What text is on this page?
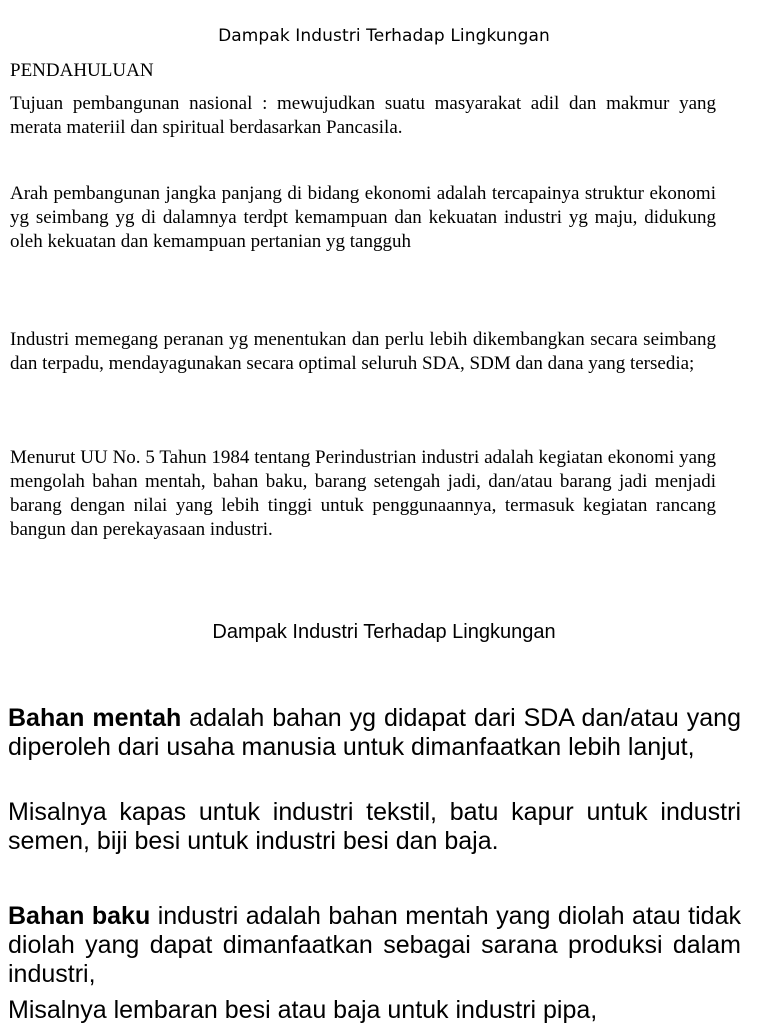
Dampak Industri Terhadap Lingkungan
PENDAHULUAN
Tujuan pembangunan nasional : mewujudkan suatu masyarakat adil dan makmur yang merata materiil dan spiritual berdasarkan Pancasila.
Arah pembangunan jangka panjang di bidang ekonomi adalah tercapainya struktur ekonomi yg seimbang yg di dalamnya terdpt kemampuan dan kekuatan industri yg maju, didukung oleh kekuatan dan kemampuan pertanian yg tangguh
Industri memegang peranan yg menentukan dan perlu lebih dikembangkan secara seimbang dan terpadu, mendayagunakan secara optimal seluruh SDA, SDM dan dana yang tersedia;
Menurut UU No. 5 Tahun 1984 tentang Perindustrian industri adalah kegiatan ekonomi yang mengolah bahan mentah, bahan baku, barang setengah jadi, dan/atau barang jadi menjadi barang dengan nilai yang lebih tinggi untuk penggunaannya, termasuk kegiatan rancang bangun dan perekayasaan industri.
Dampak Industri Terhadap Lingkungan
Bahan mentah adalah bahan yg didapat dari SDA dan/atau yang diperoleh dari usaha manusia untuk dimanfaatkan lebih lanjut,
Misalnya kapas untuk industri tekstil, batu kapur untuk industri semen, biji besi untuk industri besi dan baja.
Bahan baku industri adalah bahan mentah yang diolah atau tidak diolah yang dapat dimanfaatkan sebagai sarana produksi dalam industri,
Misalnya lembaran besi atau baja untuk industri pipa,
